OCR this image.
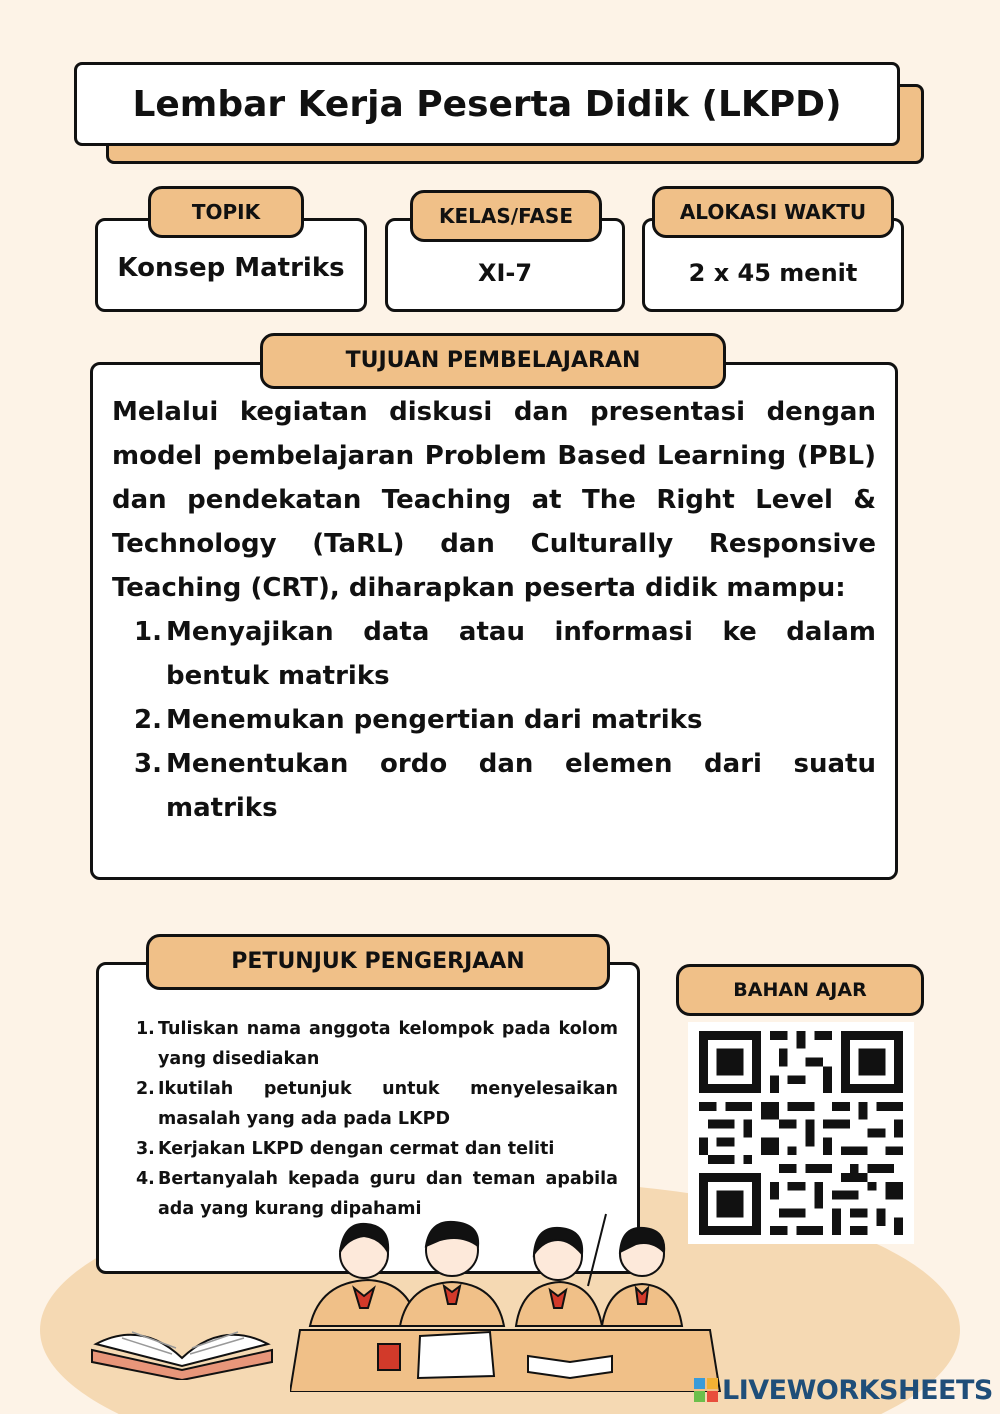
Lembar Kerja Peserta Didik (LKPD)
Konsep Matriks
TOPIK
XI-7
KELAS/FASE
2 x 45 menit
ALOKASI WAKTU
TUJUAN PEMBELAJARAN
Melalui kegiatan diskusi dan presentasi dengan model pembelajaran Problem Based Learning (PBL) dan pendekatan Teaching at The Right Level & Technology (TaRL) dan Culturally Responsive Teaching (CRT), diharapkan peserta didik mampu:
1. Menyajikan data atau informasi ke dalam bentuk matriks
2. Menemukan pengertian dari matriks
3. Menentukan ordo dan elemen dari suatu matriks
PETUNJUK PENGERJAAN
1. Tuliskan nama anggota kelompok pada kolom yang disediakan
2. Ikutilah petunjuk untuk menyelesaikan masalah yang ada pada LKPD
3. Kerjakan LKPD dengan cermat dan teliti
4. Bertanyalah kepada guru dan teman apabila ada yang kurang dipahami
BAHAN AJAR
LIVEWORKSHEETS
